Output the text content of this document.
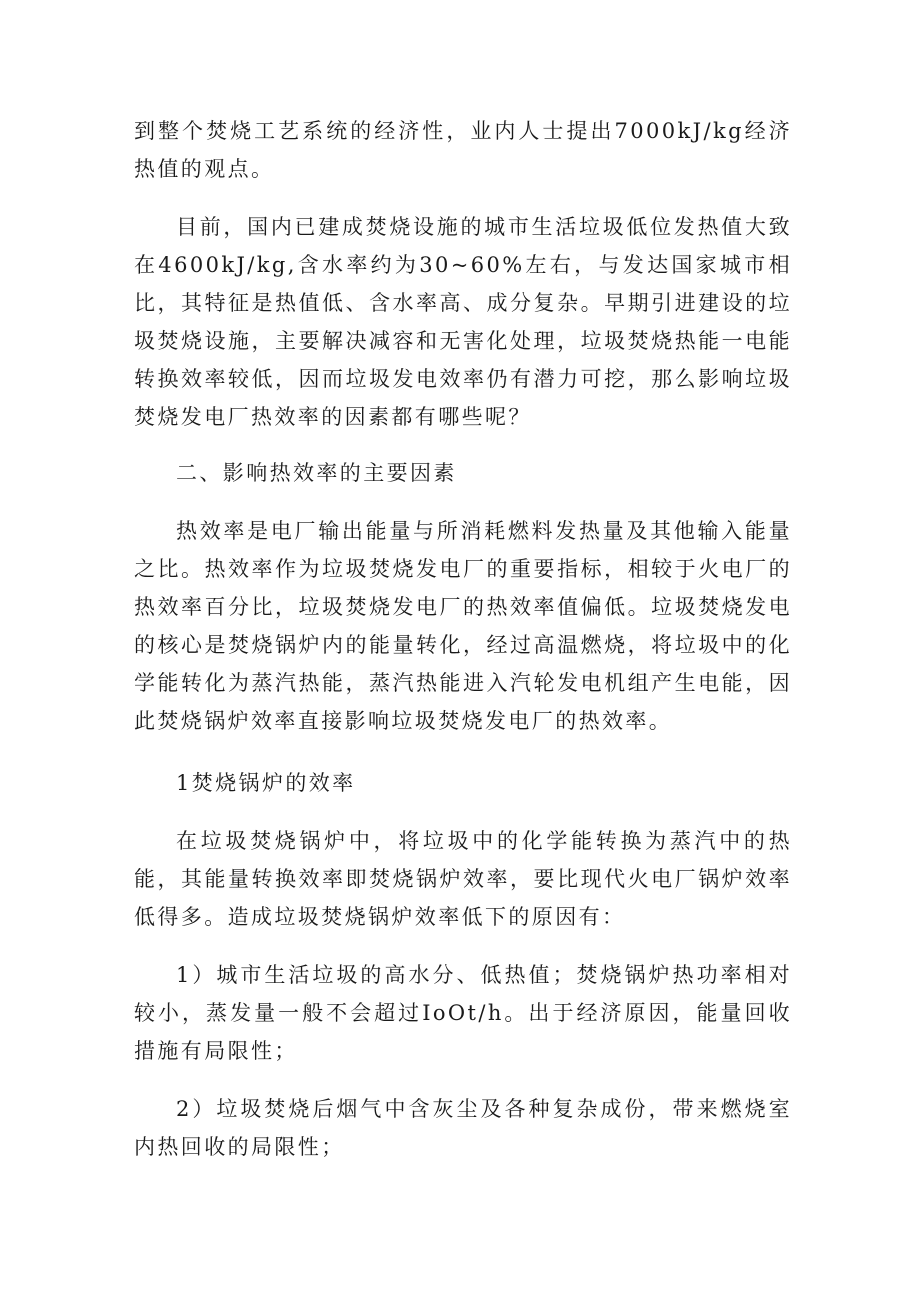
到整个焚烧工艺系统的经济性，业内人士提出7000kJ/kg经济热值的观点。

目前，国内已建成焚烧设施的城市生活垃圾低位发热值大致在4600kJ/kg,含水率约为30~60%左右，与发达国家城市相比，其特征是热值低、含水率高、成分复杂。早期引进建设的垃圾焚烧设施，主要解决减容和无害化处理，垃圾焚烧热能一电能转换效率较低，因而垃圾发电效率仍有潜力可挖，那么影响垃圾焚烧发电厂热效率的因素都有哪些呢？

二、影响热效率的主要因素

热效率是电厂输出能量与所消耗燃料发热量及其他输入能量之比。热效率作为垃圾焚烧发电厂的重要指标，相较于火电厂的热效率百分比，垃圾焚烧发电厂的热效率值偏低。垃圾焚烧发电的核心是焚烧锅炉内的能量转化，经过高温燃烧，将垃圾中的化学能转化为蒸汽热能，蒸汽热能进入汽轮发电机组产生电能，因此焚烧锅炉效率直接影响垃圾焚烧发电厂的热效率。

1焚烧锅炉的效率

在垃圾焚烧锅炉中，将垃圾中的化学能转换为蒸汽中的热能，其能量转换效率即焚烧锅炉效率，要比现代火电厂锅炉效率低得多。造成垃圾焚烧锅炉效率低下的原因有：

1）城市生活垃圾的高水分、低热值；焚烧锅炉热功率相对较小，蒸发量一般不会超过IoOt/h。出于经济原因，能量回收措施有局限性；

2）垃圾焚烧后烟气中含灰尘及各种复杂成份，带来燃烧室内热回收的局限性；
